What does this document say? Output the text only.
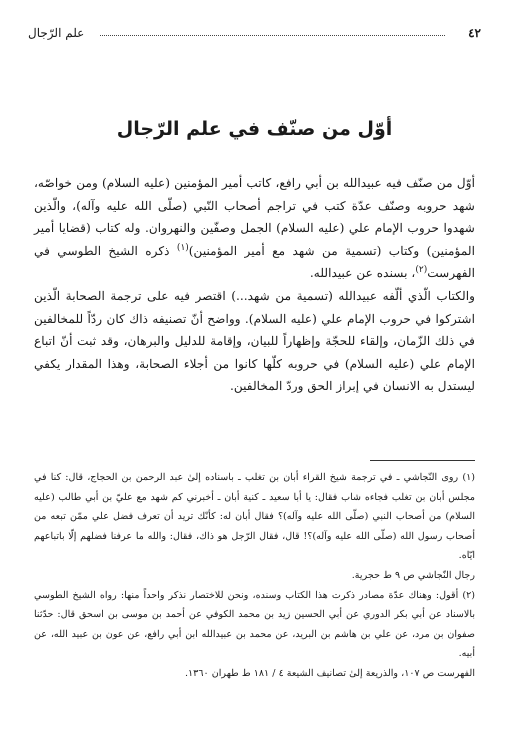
٤٢
علم الرّجال
أوّل من صنّف في علم الرّجال

أوّل من صنّف فيه عبيدالله بن أبي رافع، كاتب أمير المؤمنين (عليه السلام) ومن خواصّه، شهد حروبه وصنّف عدّة كتب في تراجم أصحاب النّبي (صلّى الله عليه وآله)، والّذين شهدوا حروب الإمام علي (عليه السلام) الجمل وصفّين والنهروان. وله كتاب (قضايا أمير المؤمنين) وكتاب (تسمية من شهد مع أمير المؤمنين)$^{(١)}$ ذكره الشيخ الطوسي في الفهرست$^{(٢)}$، بسنده عن عبيدالله.

والكتاب الّذي ألّفه عبيدالله (تسمية من شهد...) اقتصر فيه على ترجمة الصحابة الّذين اشتركوا في حروب الإمام علي (عليه السلام). وواضح أنّ تصنيفه ذاك كان ردّاً للمخالفين في ذلك الزّمان، وإلقاء للحجّة وإظهاراً للبيان، وإقامة للدليل والبرهان، وقد ثبت أنّ اتباع الإمام علي (عليه السلام) في حروبه كلّها كانوا من أجلاء الصحابة، وهذا المقدار يكفي ليستدل به الانسان في إبراز الحق وردّ المخالفين.

(١) روى النّجاشي ـ في ترجمة شيخ القراء أبان بن تغلب ـ باسناده إلىٰ عبد الرحمن بن الحجاج، قال: كنا في مجلس أبان بن تغلب فجاءه شاب فقال: يا أبا سعيد ـ كنية أبان ـ أخبرني كم شهد مع عليّ بن أبي طالب (عليه السلام) من أصحاب النبي (صلّى الله عليه وآله)؟ فقال أبان له: كأنّك تريد أن تعرف فضل علي ممّن تبعه من أصحاب رسول الله (صلّى الله عليه وآله)؟! قال، فقال الرّجل هو ذاك، فقال: والله ما عرفنا فضلهم إلّا باتباعهم ايّاه.

رجال النّجاشي ص ٩ ط حجرية.

(٢) أقول: وهناك عدّة مصادر ذكرت هذا الكتاب وسنده، ونحن للاختصار نذكر واحداً منها: رواه الشيخ الطوسي بالاسناد عن أبي بكر الدوري عن أبي الحسين زيد بن محمد الكوفي عن أحمد بن موسى بن اسحق قال: حدّثنا صفوان بن مرد، عن علي بن هاشم بن البريد، عن محمد بن عبيدالله ابن أبي رافع، عن عون بن عبيد الله، عن أبيه.

الفهرست ص ١٠٧، والذريعة إلىٰ تصانيف الشيعة ٤ / ١٨١ ط طهران ١٣٦٠.
